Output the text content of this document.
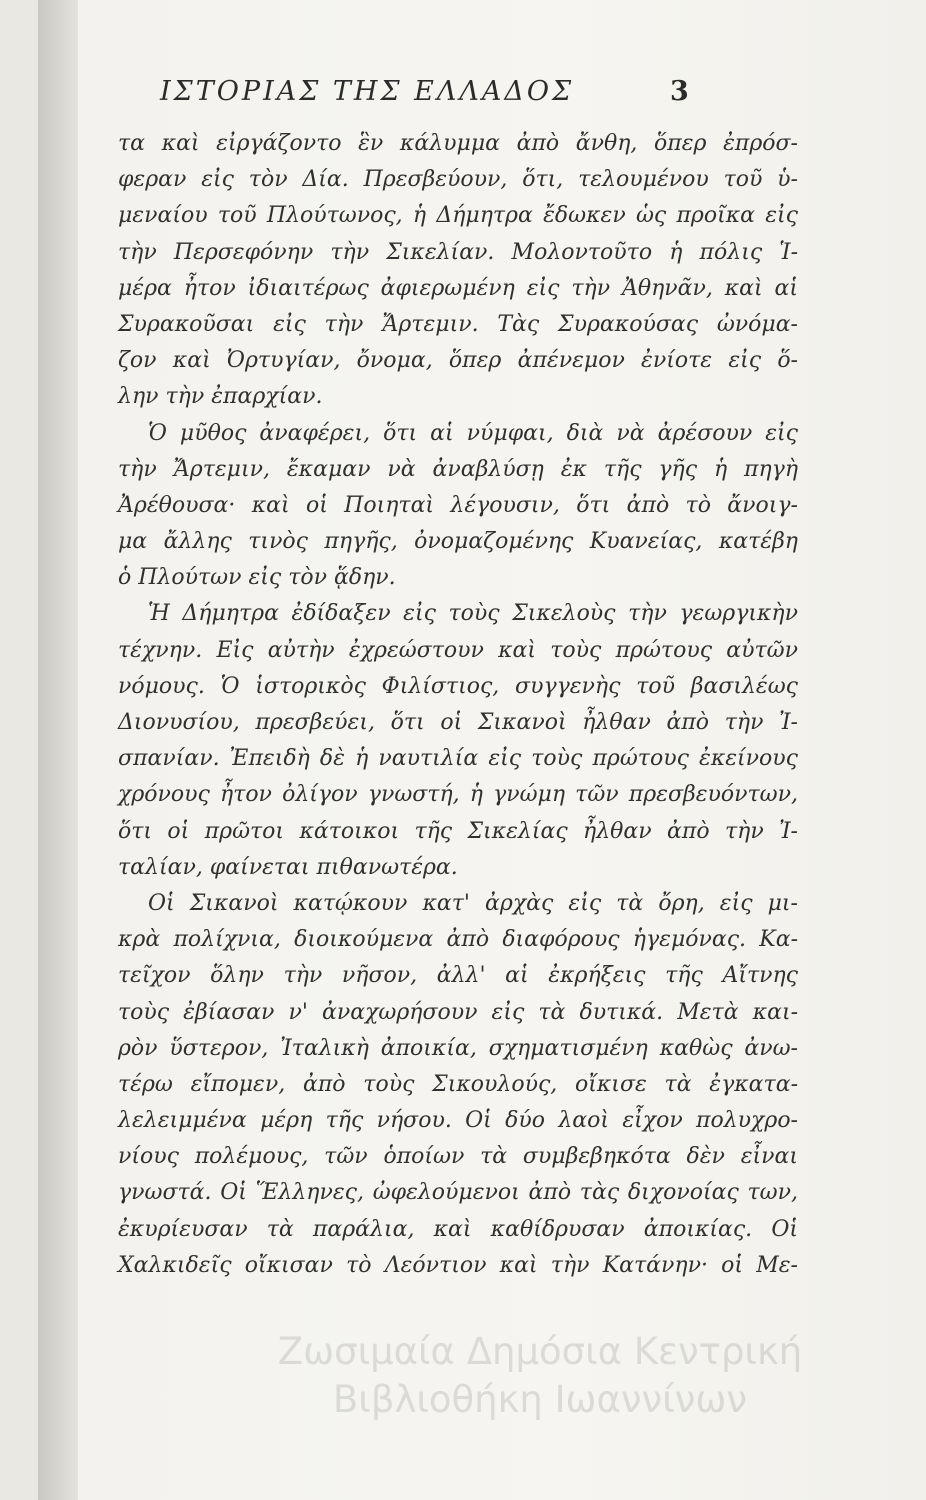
ΙΣΤΟΡΙΑΣ ΤΗΣ ΕΛΛΑΔΟΣ	3
τα καὶ εἰργάζοντο ἓν κάλυμμα ἀπὸ ἄνθη, ὅπερ ἐπρόσ-
φεραν εἰς τὸν Δία. Πρεσβεύουν, ὅτι, τελουμένου τοῦ ὑ-
μεναίου τοῦ Πλούτωνος, ἡ Δήμητρα ἔδωκεν ὡς προῖκα εἰς
τὴν Περσεφόνην τὴν Σικελίαν. Μολοντοῦτο ἡ πόλις Ἱ-
μέρα ἦτον ἰδιαιτέρως ἀφιερωμένη εἰς τὴν Ἀθηνᾶν, καὶ αἱ
Συρακοῦσαι εἰς τὴν Ἄρτεμιν. Τὰς Συρακούσας ὠνόμα-
ζον καὶ Ὀρτυγίαν, ὄνομα, ὅπερ ἀπένεμον ἐνίοτε εἰς ὅ-
λην τὴν ἐπαρχίαν.
Ὁ μῦθος ἀναφέρει, ὅτι αἱ νύμφαι, διὰ νὰ ἀρέσουν εἰς
τὴν Ἄρτεμιν, ἔκαμαν νὰ ἀναβλύσῃ ἐκ τῆς γῆς ἡ πηγὴ
Ἀρέθουσα· καὶ οἱ Ποιηταὶ λέγουσιν, ὅτι ἀπὸ τὸ ἄνοιγ-
μα ἄλλης τινὸς πηγῆς, ὀνομαζομένης Κυανείας, κατέβη
ὁ Πλούτων εἰς τὸν ᾅδην.
Ἡ Δήμητρα ἐδίδαξεν εἰς τοὺς Σικελοὺς τὴν γεωργικὴν
τέχνην. Εἰς αὐτὴν ἐχρεώστουν καὶ τοὺς πρώτους αὐτῶν
νόμους. Ὁ ἱστορικὸς Φιλίστιος, συγγενὴς τοῦ βασιλέως
Διονυσίου, πρεσβεύει, ὅτι οἱ Σικανοὶ ἦλθαν ἀπὸ τὴν Ἰ-
σπανίαν. Ἐπειδὴ δὲ ἡ ναυτιλία εἰς τοὺς πρώτους ἐκείνους
χρόνους ἦτον ὀλίγον γνωστή, ἡ γνώμη τῶν πρεσβευόντων,
ὅτι οἱ πρῶτοι κάτοικοι τῆς Σικελίας ἦλθαν ἀπὸ τὴν Ἰ-
ταλίαν, φαίνεται πιθανωτέρα.
Οἱ Σικανοὶ κατῴκουν κατ' ἀρχὰς εἰς τὰ ὄρη, εἰς μι-
κρὰ πολίχνια, διοικούμενα ἀπὸ διαφόρους ἡγεμόνας. Κα-
τεῖχον ὅλην τὴν νῆσον, ἀλλ' αἱ ἐκρήξεις τῆς Αἴτνης
τοὺς ἐβίασαν ν' ἀναχωρήσουν εἰς τὰ δυτικά. Μετὰ και-
ρὸν ὕστερον, Ἰταλικὴ ἀποικία, σχηματισμένη καθὼς ἀνω-
τέρω εἴπομεν, ἀπὸ τοὺς Σικουλούς, οἴκισε τὰ ἐγκατα-
λελειμμένα μέρη τῆς νήσου. Οἱ δύο λαοὶ εἶχον πολυχρο-
νίους πολέμους, τῶν ὁποίων τὰ συμβεβηκότα δὲν εἶναι
γνωστά. Οἱ Ἕλληνες, ὠφελούμενοι ἀπὸ τὰς διχονοίας των,
ἐκυρίευσαν τὰ παράλια, καὶ καθίδρυσαν ἀποικίας. Οἱ
Χαλκιδεῖς οἴκισαν τὸ Λεόντιον καὶ τὴν Κατάνην· οἱ Με-
Ζωσιμαία Δημόσια Κεντρική
Βιβλιοθήκη Ιωαννίνων
